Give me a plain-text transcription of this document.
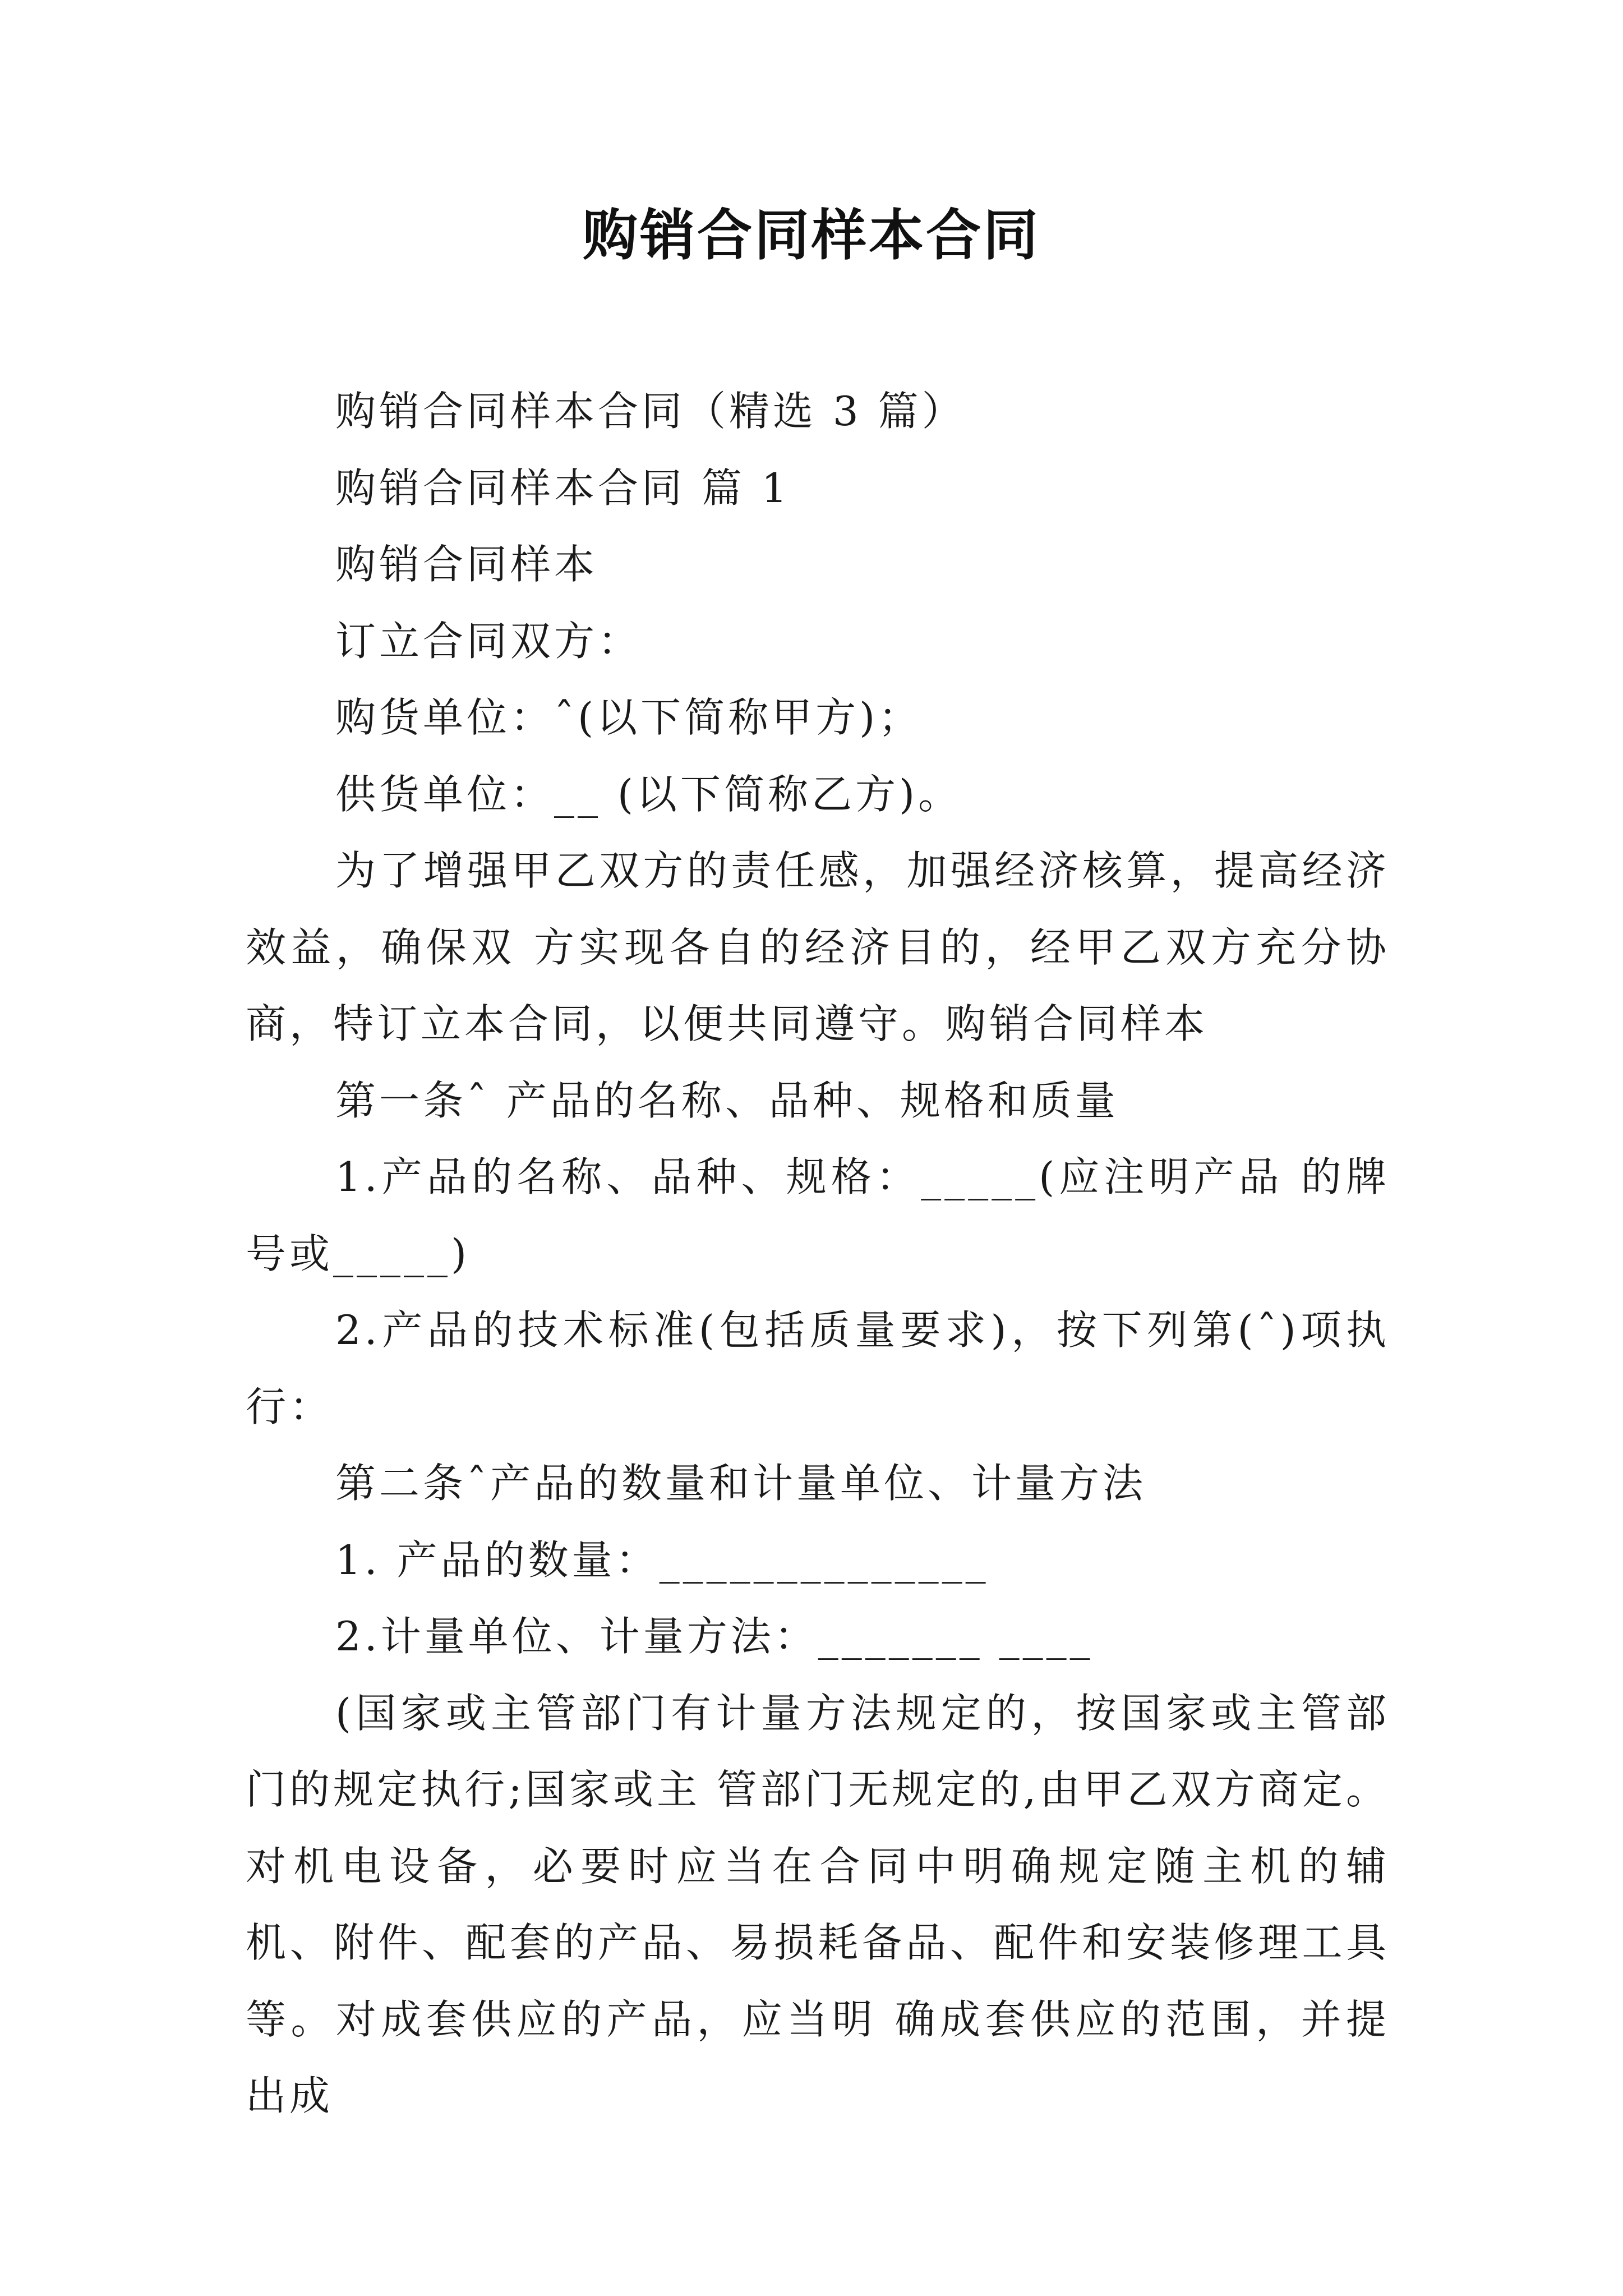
购销合同样本合同

购销合同样本合同（精选 3 篇）

购销合同样本合同 篇 1

购销合同样本

订立合同双方：

购货单位：ˆ(以下简称甲方)；

供货单位：__ (以下简称乙方)。

为了增强甲乙双方的责任感，加强经济核算，提高经济效益，确保双 方实现各自的经济目的，经甲乙双方充分协商，特订立本合同，以便共同遵守。购销合同样本

第一条ˆ 产品的名称、品种、规格和质量

1.产品的名称、品种、规格：_____(应注明产品 的牌号或_____)

2.产品的技术标准(包括质量要求)，按下列第(ˆ)项执行：

第二条ˆ产品的数量和计量单位、计量方法

1. 产品的数量：______________

2.计量单位、计量方法：_______ ____

(国家或主管部门有计量方法规定的，按国家或主管部门的规定执行;国家或主 管部门无规定的,由甲乙双方商定。对机电设备，必要时应当在合同中明确规定随主机的辅 机、附件、配套的产品、易损耗备品、配件和安装修理工具等。对成套供应的产品，应当明 确成套供应的范围，并提出成
